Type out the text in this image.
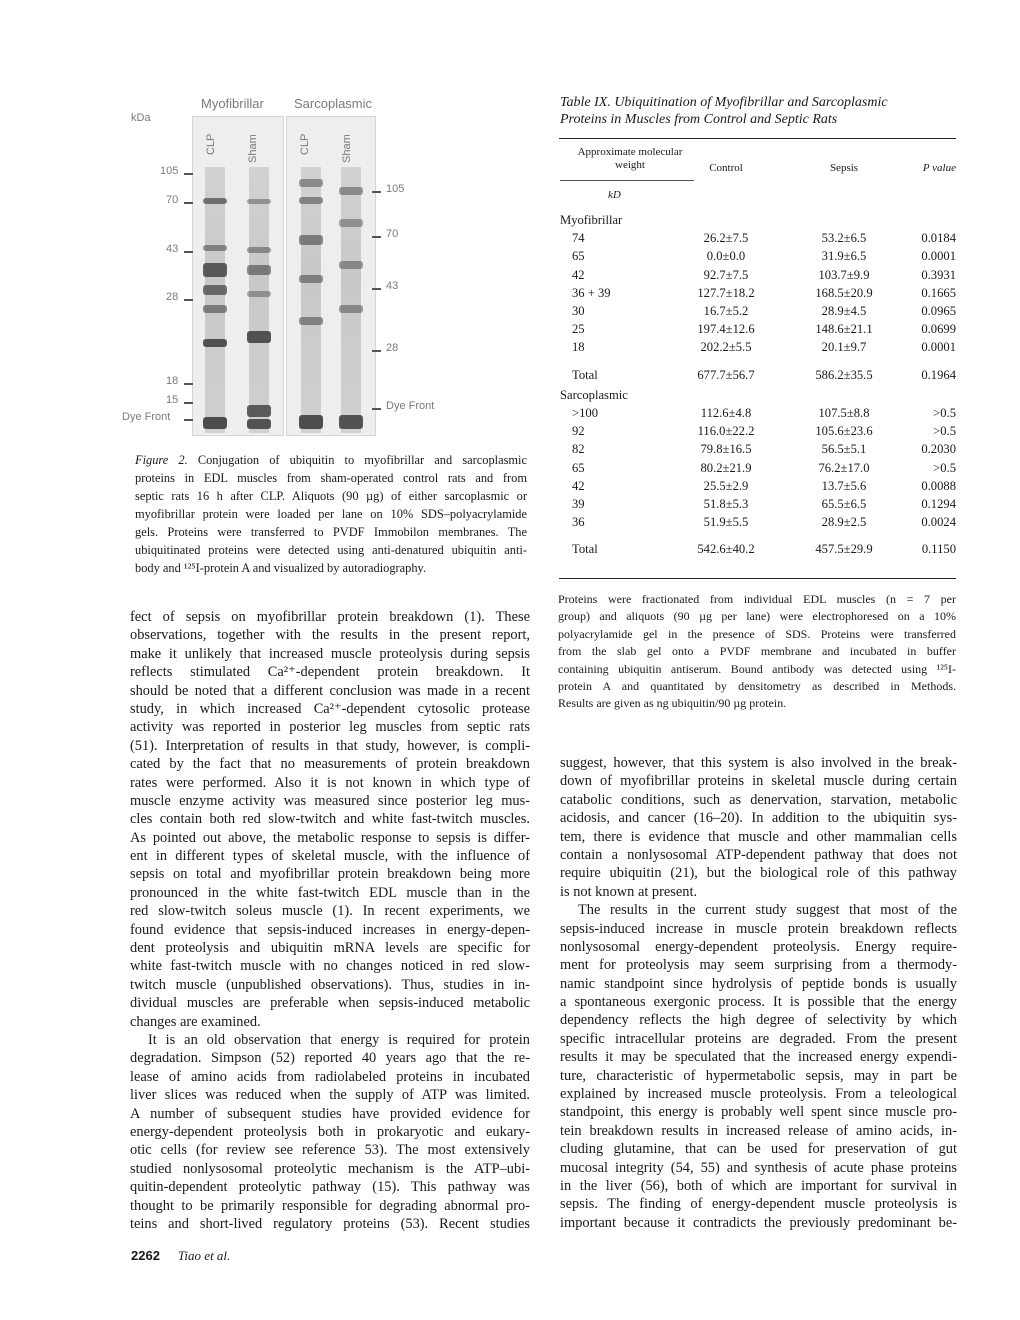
kDa
Myofibrillar Sarcoplasmic
CLP	Sham	CLP	Sham
105
70
43
28
18
15
Dye Front
105
70
43
28
Dye Front
Figure 2. Conjugation of ubiquitin to myofibrillar and sarcoplasmic
proteins in EDL muscles from sham-operated control rats and from
septic rats 16 h after CLP. Aliquots (90 µg) of either sarcoplasmic or
myofibrillar protein were loaded per lane on 10% SDS–polyacrylamide
gels. Proteins were transferred to PVDF Immobilon membranes. The
ubiquitinated proteins were detected using anti-denatured ubiquitin anti-
body and ¹²⁵I-protein A and visualized by autoradiography.
Table IX. Ubiquitination of Myofibrillar and Sarcoplasmic
Proteins in Muscles from Control and Septic Rats
Approximate molecular
weight	Control	Sepsis	P value
kD
Myofibrillar
74	26.2±7.5	53.2±6.5	0.0184
65	0.0±0.0	31.9±6.5	0.0001
42	92.7±7.5	103.7±9.9	0.3931
36 + 39	127.7±18.2	168.5±20.9	0.1665
30	16.7±5.2	28.9±4.5	0.0965
25	197.4±12.6	148.6±21.1	0.0699
18	202.2±5.5	20.1±9.7	0.0001
Total	677.7±56.7	586.2±35.5	0.1964
Sarcoplasmic
>100	112.6±4.8	107.5±8.8	>0.5
92	116.0±22.2	105.6±23.6	>0.5
82	79.8±16.5	56.5±5.1	0.2030
65	80.2±21.9	76.2±17.0	>0.5
42	25.5±2.9	13.7±5.6	0.0088
39	51.8±5.3	65.5±6.5	0.1294
36	51.9±5.5	28.9±2.5	0.0024
Total	542.6±40.2	457.5±29.9	0.1150
Proteins were fractionated from individual EDL muscles (n = 7 per
group) and aliquots (90 µg per lane) were electrophoresed on a 10%
polyacrylamide gel in the presence of SDS. Proteins were transferred
from the slab gel onto a PVDF membrane and incubated in buffer
containing ubiquitin antiserum. Bound antibody was detected using ¹²⁵I-
protein A and quantitated by densitometry as described in Methods.
Results are given as ng ubiquitin/90 µg protein.
fect of sepsis on myofibrillar protein breakdown (1). These
observations, together with the results in the present report,
make it unlikely that increased muscle proteolysis during sepsis
reflects stimulated Ca²⁺-dependent protein breakdown. It
should be noted that a different conclusion was made in a recent
study, in which increased Ca²⁺-dependent cytosolic protease
activity was reported in posterior leg muscles from septic rats
(51). Interpretation of results in that study, however, is compli-
cated by the fact that no measurements of protein breakdown
rates were performed. Also it is not known in which type of
muscle enzyme activity was measured since posterior leg mus-
cles contain both red slow-twitch and white fast-twitch muscles.
As pointed out above, the metabolic response to sepsis is differ-
ent in different types of skeletal muscle, with the influence of
sepsis on total and myofibrillar protein breakdown being more
pronounced in the white fast-twitch EDL muscle than in the
red slow-twitch soleus muscle (1). In recent experiments, we
found evidence that sepsis-induced increases in energy-depen-
dent proteolysis and ubiquitin mRNA levels are specific for
white fast-twitch muscle with no changes noticed in red slow-
twitch muscle (unpublished observations). Thus, studies in in-
dividual muscles are preferable when sepsis-induced metabolic
changes are examined.
It is an old observation that energy is required for protein
degradation. Simpson (52) reported 40 years ago that the re-
lease of amino acids from radiolabeled proteins in incubated
liver slices was reduced when the supply of ATP was limited.
A number of subsequent studies have provided evidence for
energy-dependent proteolysis both in prokaryotic and eukary-
otic cells (for review see reference 53). The most extensively
studied nonlysosomal proteolytic mechanism is the ATP–ubi-
quitin-dependent proteolytic pathway (15). This pathway was
thought to be primarily responsible for degrading abnormal pro-
teins and short-lived regulatory proteins (53). Recent studies
suggest, however, that this system is also involved in the break-
down of myofibrillar proteins in skeletal muscle during certain
catabolic conditions, such as denervation, starvation, metabolic
acidosis, and cancer (16–20). In addition to the ubiquitin sys-
tem, there is evidence that muscle and other mammalian cells
contain a nonlysosomal ATP-dependent pathway that does not
require ubiquitin (21), but the biological role of this pathway
is not known at present.
The results in the current study suggest that most of the
sepsis-induced increase in muscle protein breakdown reflects
nonlysosomal energy-dependent proteolysis. Energy require-
ment for proteolysis may seem surprising from a thermody-
namic standpoint since hydrolysis of peptide bonds is usually
a spontaneous exergonic process. It is possible that the energy
dependency reflects the high degree of selectivity by which
specific intracellular proteins are degraded. From the present
results it may be speculated that the increased energy expendi-
ture, characteristic of hypermetabolic sepsis, may in part be
explained by increased muscle proteolysis. From a teleological
standpoint, this energy is probably well spent since muscle pro-
tein breakdown results in increased release of amino acids, in-
cluding glutamine, that can be used for preservation of gut
mucosal integrity (54, 55) and synthesis of acute phase proteins
in the liver (56), both of which are important for survival in
sepsis. The finding of energy-dependent muscle proteolysis is
important because it contradicts the previously predominant be-
2262 Tiao et al.
